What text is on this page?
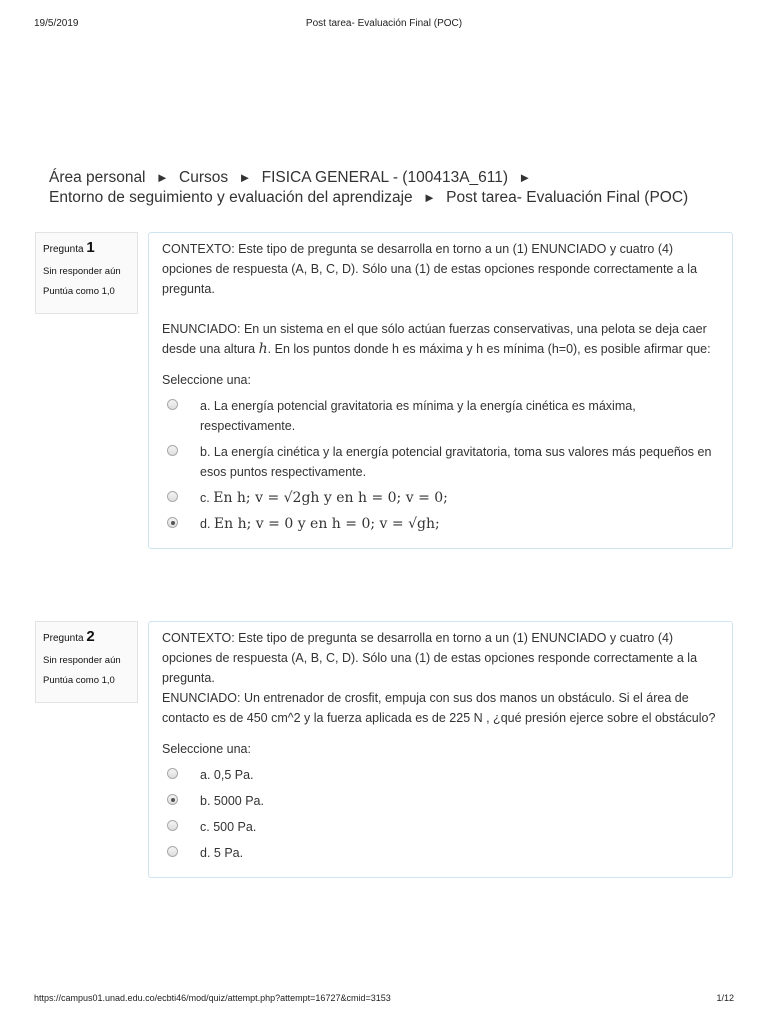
19/5/2019	Post tarea- Evaluación Final (POC)
Área personal ► Cursos ► FISICA GENERAL - (100413A_611) ►
Entorno de seguimiento y evaluación del aprendizaje ► Post tarea- Evaluación Final (POC)
Pregunta 1
Sin responder aún
Puntúa como 1,0

CONTEXTO: Este tipo de pregunta se desarrolla en torno a un (1) ENUNCIADO y cuatro (4) opciones de respuesta (A, B, C, D). Sólo una (1) de estas opciones responde correctamente a la pregunta.

ENUNCIADO: En un sistema en el que sólo actúan fuerzas conservativas, una pelota se deja caer desde una altura h. En los puntos donde h es máxima y h es mínima (h=0), es posible afirmar que:

Seleccione una:
a. La energía potencial gravitatoria es mínima y la energía cinética es máxima, respectivamente.
b. La energía cinética y la energía potencial gravitatoria, toma sus valores más pequeños en esos puntos respectivamente.
c. En h; v = √2gh y en h = 0; v = 0;
d. En h; v = 0 y en h = 0; v = √gh;
Pregunta 2
Sin responder aún
Puntúa como 1,0

CONTEXTO: Este tipo de pregunta se desarrolla en torno a un (1) ENUNCIADO y cuatro (4) opciones de respuesta (A, B, C, D). Sólo una (1) de estas opciones responde correctamente a la pregunta.

ENUNCIADO: Un entrenador de crosfit, empuja con sus dos manos un obstáculo. Si el área de contacto es de 450 cm^2 y la fuerza aplicada es de 225 N , ¿qué presión ejerce sobre el obstáculo?

Seleccione una:
a. 0,5 Pa.
b. 5000 Pa.
c. 500 Pa.
d. 5 Pa.
https://campus01.unad.edu.co/ecbti46/mod/quiz/attempt.php?attempt=16727&cmid=3153	1/12
